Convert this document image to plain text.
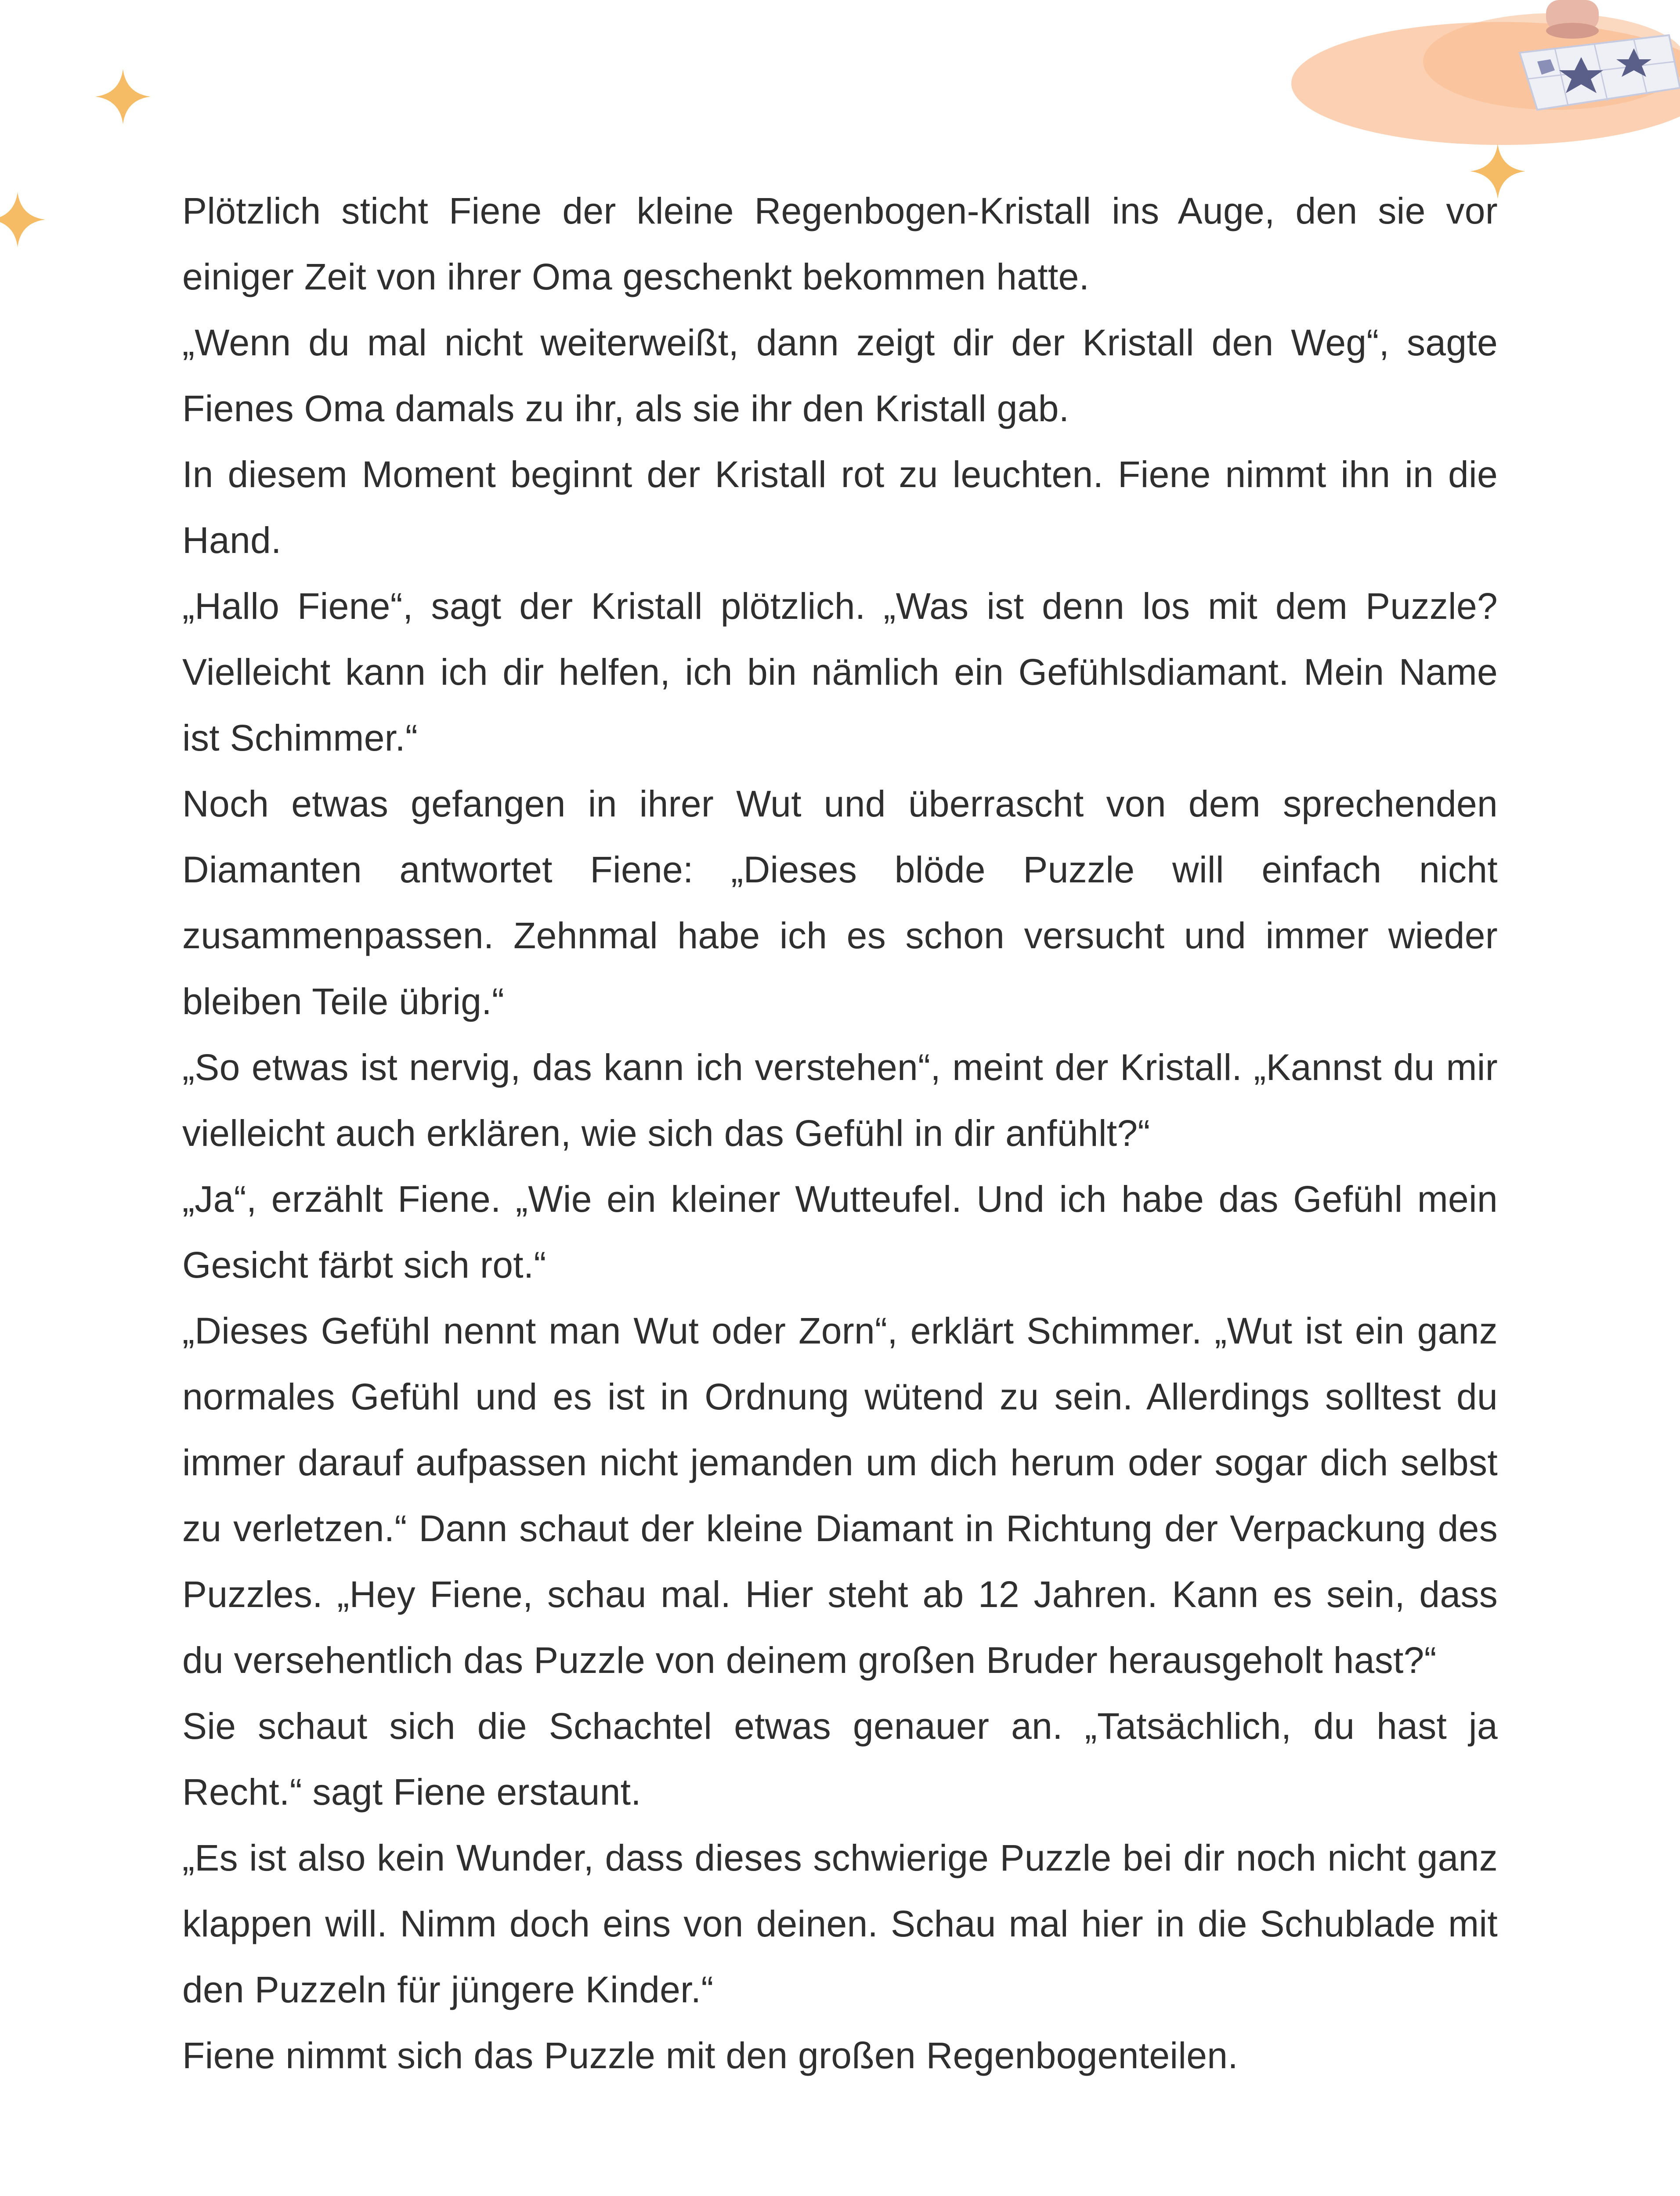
Plötzlich sticht Fiene der kleine Regenbogen-Kristall ins Auge, den sie vor einiger Zeit von ihrer Oma geschenkt bekommen hatte.

„Wenn du mal nicht weiterweißt, dann zeigt dir der Kristall den Weg“, sagte Fienes Oma damals zu ihr, als sie ihr den Kristall gab.

In diesem Moment beginnt der Kristall rot zu leuchten. Fiene nimmt ihn in die Hand.

„Hallo Fiene“, sagt der Kristall plötzlich. „Was ist denn los mit dem Puzzle? Vielleicht kann ich dir helfen, ich bin nämlich ein Gefühlsdiamant. Mein Name ist Schimmer.“

Noch etwas gefangen in ihrer Wut und überrascht von dem sprechenden Diamanten antwortet Fiene: „Dieses blöde Puzzle will einfach nicht zusammenpassen. Zehnmal habe ich es schon versucht und immer wieder bleiben Teile übrig.“

„So etwas ist nervig, das kann ich verstehen“, meint der Kristall. „Kannst du mir vielleicht auch erklären, wie sich das Gefühl in dir anfühlt?“

„Ja“, erzählt Fiene. „Wie ein kleiner Wutteufel. Und ich habe das Gefühl mein Gesicht färbt sich rot.“

„Dieses Gefühl nennt man Wut oder Zorn“, erklärt Schimmer. „Wut ist ein ganz normales Gefühl und es ist in Ordnung wütend zu sein. Allerdings solltest du immer darauf aufpassen nicht jemanden um dich herum oder sogar dich selbst zu verletzen.“ Dann schaut der kleine Diamant in Richtung der Verpackung des Puzzles. „Hey Fiene, schau mal. Hier steht ab 12 Jahren. Kann es sein, dass du versehentlich das Puzzle von deinem großen Bruder herausgeholt hast?“

Sie schaut sich die Schachtel etwas genauer an. „Tatsächlich, du hast ja Recht.“ sagt Fiene erstaunt.

„Es ist also kein Wunder, dass dieses schwierige Puzzle bei dir noch nicht ganz klappen will. Nimm doch eins von deinen. Schau mal hier in die Schublade mit den Puzzeln für jüngere Kinder.“

Fiene nimmt sich das Puzzle mit den großen Regenbogenteilen.
